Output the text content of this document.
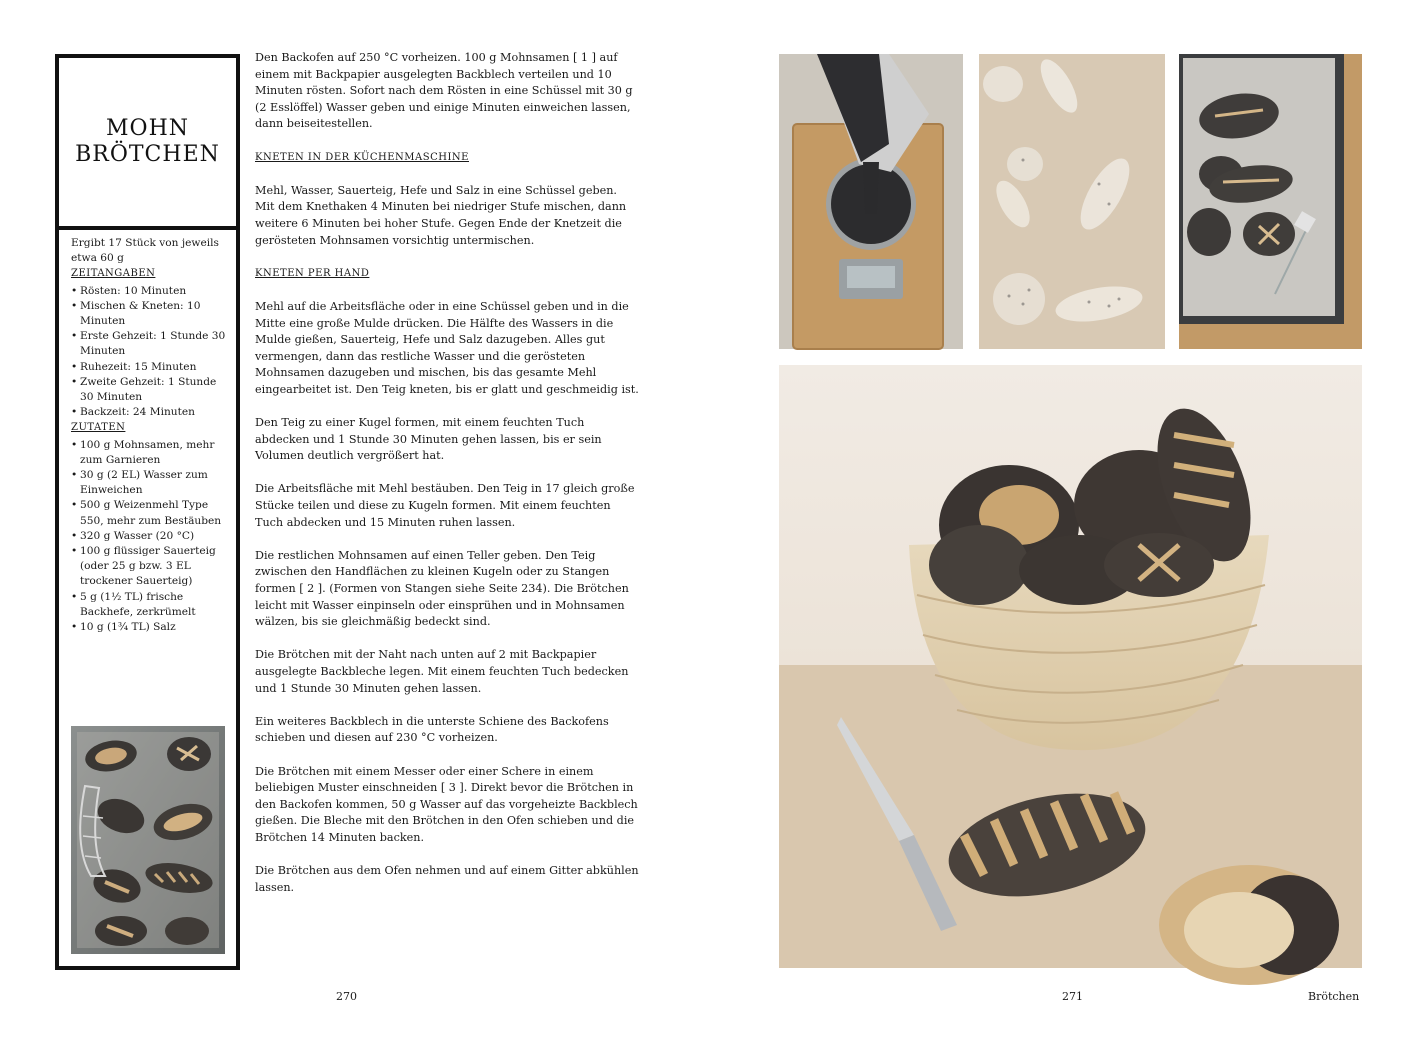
MOHN
BRÖTCHEN

Ergibt 17 Stück von jeweils etwa 60 g

ZEITANGABEN

• Rösten: 10 Minuten
• Mischen & Kneten: 10 Minuten
• Erste Gehzeit: 1 Stunde 30 Minuten
• Ruhezeit: 15 Minuten
• Zweite Gehzeit: 1 Stunde 30 Minuten
• Backzeit: 24 Minuten

ZUTATEN

• 100 g Mohnsamen, mehr zum Garnieren
• 30 g (2 EL) Wasser zum Einweichen
• 500 g Weizenmehl Type 550, mehr zum Bestäuben
• 320 g Wasser (20 °C)
• 100 g flüssiger Sauerteig (oder 25 g bzw. 3 EL trockener Sauerteig)
• 5 g (1½ TL) frische Backhefe, zerkrümelt
• 10 g (1¾ TL) Salz

Den Backofen auf 250 °C vorheizen. 100 g Mohnsamen [ 1 ] auf einem mit Backpapier ausgelegten Backblech verteilen und 10 Minuten rösten. Sofort nach dem Rösten in eine Schüssel mit 30 g (2 Esslöffel) Wasser geben und einige Minuten einweichen lassen, dann beiseitestellen.

KNETEN IN DER KÜCHENMASCHINE

Mehl, Wasser, Sauerteig, Hefe und Salz in eine Schüssel geben. Mit dem Knethaken 4 Minuten bei niedriger Stufe mischen, dann weitere 6 Minuten bei hoher Stufe. Gegen Ende der Knetzeit die gerösteten Mohnsamen vorsichtig untermischen.

KNETEN PER HAND

Mehl auf die Arbeitsfläche oder in eine Schüssel geben und in die Mitte eine große Mulde drücken. Die Hälfte des Wassers in die Mulde gießen, Sauerteig, Hefe und Salz dazugeben. Alles gut vermengen, dann das restliche Wasser und die gerösteten Mohnsamen dazugeben und mischen, bis das gesamte Mehl eingearbeitet ist. Den Teig kneten, bis er glatt und geschmeidig ist.

Den Teig zu einer Kugel formen, mit einem feuchten Tuch abdecken und 1 Stunde 30 Minuten gehen lassen, bis er sein Volumen deutlich vergrößert hat.

Die Arbeitsfläche mit Mehl bestäuben. Den Teig in 17 gleich große Stücke teilen und diese zu Kugeln formen. Mit einem feuchten Tuch abdecken und 15 Minuten ruhen lassen.

Die restlichen Mohnsamen auf einen Teller geben. Den Teig zwischen den Handflächen zu kleinen Kugeln oder zu Stangen formen [ 2 ]. (Formen von Stangen siehe Seite 234). Die Brötchen leicht mit Wasser einpinseln oder einsprühen und in Mohnsamen wälzen, bis sie gleichmäßig bedeckt sind.

Die Brötchen mit der Naht nach unten auf 2 mit Backpapier ausgelegte Backbleche legen. Mit einem feuchten Tuch bedecken und 1 Stunde 30 Minuten gehen lassen.

Ein weiteres Backblech in die unterste Schiene des Backofens schieben und diesen auf 230 °C vorheizen.

Die Brötchen mit einem Messer oder einer Schere in einem beliebigen Muster einschneiden [ 3 ]. Direkt bevor die Brötchen in den Backofen kommen, 50 g Wasser auf das vorgeheizte Backblech gießen. Die Bleche mit den Brötchen in den Ofen schieben und die Brötchen 14 Minuten backen.

Die Brötchen aus dem Ofen nehmen und auf einem Gitter abkühlen lassen.

270	271	Brötchen
